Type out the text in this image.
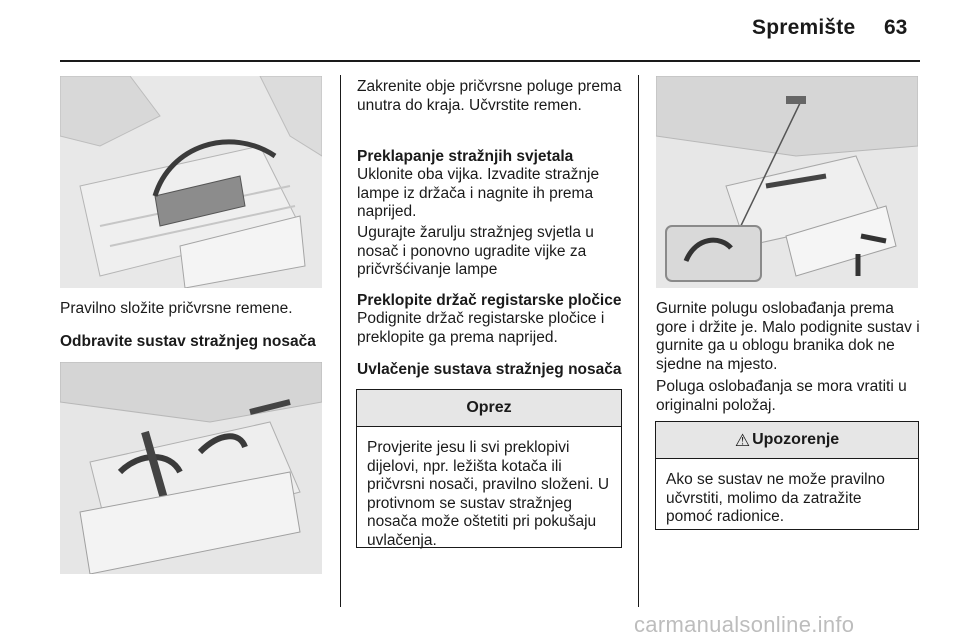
Spremište 63

Pravilno složite pričvrsne remene.

Odbravite sustav stražnjeg nosača

Zakrenite obje pričvrsne poluge prema unutra do kraja. Učvrstite remen.

Preklapanje stražnjih svjetala

Uklonite oba vijka. Izvadite stražnje lampe iz držača i nagnite ih prema naprijed.

Ugurajte žarulju stražnjeg svjetla u nosač i ponovno ugradite vijke za pričvršćivanje lampe

Preklopite držač registarske pločice

Podignite držač registarske pločice i preklopite ga prema naprijed.

Uvlačenje sustava stražnjeg nosača

Oprez
Provjerite jesu li svi preklopivi dijelovi, npr. ležišta kotača ili pričvrsni nosači, pravilno složeni. U protivnom se sustav stražnjeg nosača može oštetiti pri pokušaju uvlačenja.

Gurnite polugu oslobađanja prema gore i držite je. Malo podignite sustav i gurnite ga u oblogu branika dok ne sjedne na mjesto.

Poluga oslobađanja se mora vratiti u originalni položaj.

⚠ Upozorenje
Ako se sustav ne može pravilno učvrstiti, molimo da zatražite pomoć radionice.
carmanualsonline.info
